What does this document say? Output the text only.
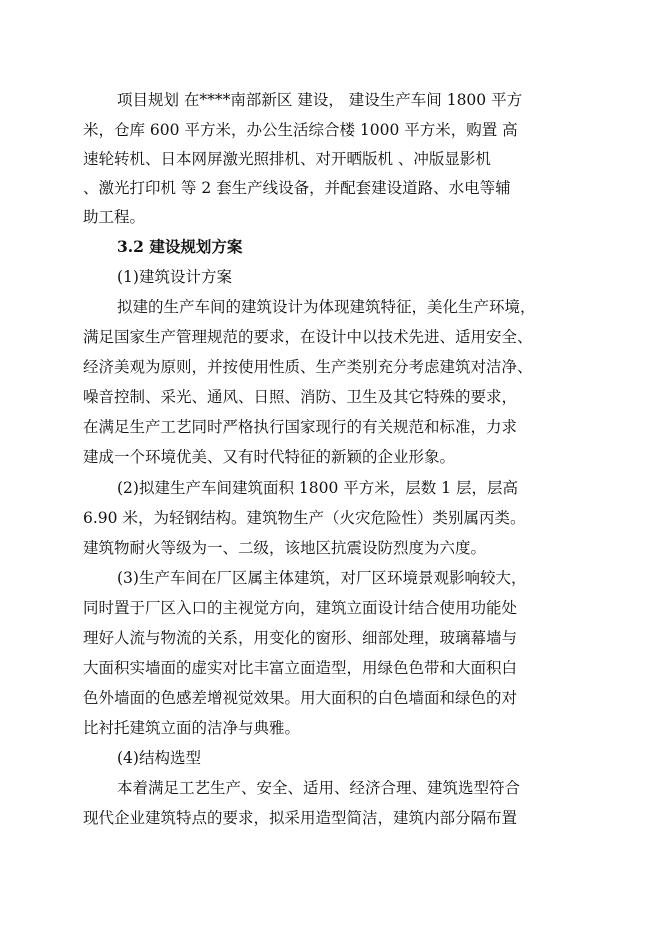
项目规划 在****南部新区 建设， 建设生产车间 1800 平方
米，仓库 600 平方米，办公生活综合楼 1000 平方米，购置 高
速轮转机、日本网屏激光照排机、对开晒版机 、冲版显影机
、激光打印机 等 2 套生产线设备，并配套建设道路、水电等辅
助工程。
3.2 建设规划方案
(1)建筑设计方案
拟建的生产车间的建筑设计为体现建筑特征，美化生产环境，
满足国家生产管理规范的要求，在设计中以技术先进、适用安全、
经济美观为原则，并按使用性质、生产类别充分考虑建筑对洁净、
噪音控制、采光、通风、日照、消防、卫生及其它特殊的要求，
在满足生产工艺同时严格执行国家现行的有关规范和标准，力求
建成一个环境优美、又有时代特征的新颖的企业形象。
(2)拟建生产车间建筑面积 1800 平方米，层数 1 层，层高
6.90 米，为轻钢结构。建筑物生产（火灾危险性）类别属丙类。
建筑物耐火等级为一、二级，该地区抗震设防烈度为六度。
(3)生产车间在厂区属主体建筑，对厂区环境景观影响较大，
同时置于厂区入口的主视觉方向，建筑立面设计结合使用功能处
理好人流与物流的关系，用变化的窗形、细部处理，玻璃幕墙与
大面积实墙面的虚实对比丰富立面造型，用绿色色带和大面积白
色外墙面的色感差增视觉效果。用大面积的白色墙面和绿色的对
比衬托建筑立面的洁净与典雅。
(4)结构选型
本着满足工艺生产、安全、适用、经济合理、建筑选型符合
现代企业建筑特点的要求，拟采用造型简洁，建筑内部分隔布置
